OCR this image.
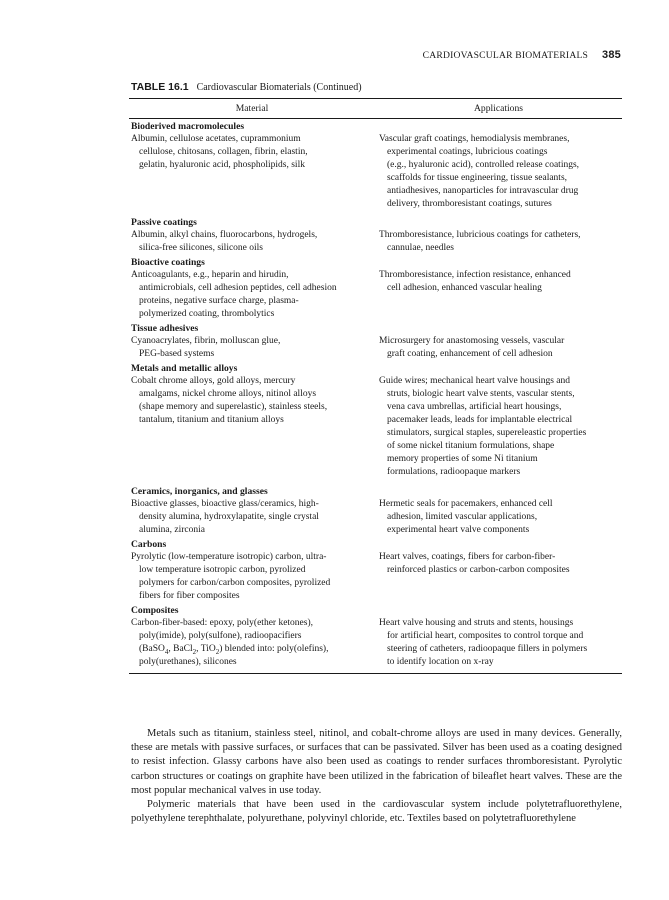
CARDIOVASCULAR BIOMATERIALS 385
TABLE 16.1 Cardiovascular Biomaterials (Continued)
Material	Applications
Bioderived macromolecules
Albumin, cellulose acetates, cuprammonium
cellulose, chitosans, collagen, fibrin, elastin,
gelatin, hyaluronic acid, phospholipids, silk
Vascular graft coatings, hemodialysis membranes,
experimental coatings, lubricious coatings
(e.g., hyaluronic acid), controlled release coatings,
scaffolds for tissue engineering, tissue sealants,
antiadhesives, nanoparticles for intravascular drug
delivery, thromboresistant coatings, sutures
Passive coatings
Albumin, alkyl chains, fluorocarbons, hydrogels,
silica-free silicones, silicone oils
Thromboresistance, lubricious coatings for catheters,
cannulae, needles
Bioactive coatings
Anticoagulants, e.g., heparin and hirudin,
antimicrobials, cell adhesion peptides, cell adhesion
proteins, negative surface charge, plasma-
polymerized coating, thrombolytics
Thromboresistance, infection resistance, enhanced
cell adhesion, enhanced vascular healing
Tissue adhesives
Cyanoacrylates, fibrin, molluscan glue,
PEG-based systems
Microsurgery for anastomosing vessels, vascular
graft coating, enhancement of cell adhesion
Metals and metallic alloys
Cobalt chrome alloys, gold alloys, mercury
amalgams, nickel chrome alloys, nitinol alloys
(shape memory and superelastic), stainless steels,
tantalum, titanium and titanium alloys
Guide wires; mechanical heart valve housings and
struts, biologic heart valve stents, vascular stents,
vena cava umbrellas, artificial heart housings,
pacemaker leads, leads for implantable electrical
stimulators, surgical staples, supereleastic properties
of some nickel titanium formulations, shape
memory properties of some Ni titanium
formulations, radioopaque markers
Ceramics, inorganics, and glasses
Bioactive glasses, bioactive glass/ceramics, high-
density alumina, hydroxylapatite, single crystal
alumina, zirconia
Hermetic seals for pacemakers, enhanced cell
adhesion, limited vascular applications,
experimental heart valve components
Carbons
Pyrolytic (low-temperature isotropic) carbon, ultra-
low temperature isotropic carbon, pyrolized
polymers for carbon/carbon composites, pyrolized
fibers for fiber composites
Heart valves, coatings, fibers for carbon-fiber-
reinforced plastics or carbon-carbon composites
Composites
Carbon-fiber-based: epoxy, poly(ether ketones),
poly(imide), poly(sulfone), radioopacifiers
(BaSO$_4$, BaCl$_2$, TiO$_2$) blended into: poly(olefins),
poly(urethanes), silicones
Heart valve housing and struts and stents, housings
for artificial heart, composites to control torque and
steering of catheters, radioopaque fillers in polymers
to identify location on x-ray

Metals such as titanium, stainless steel, nitinol, and cobalt-chrome alloys are used in many devices. Generally, these are metals with passive surfaces, or surfaces that can be passivated. Silver has been used as a coating designed to resist infection. Glassy carbons have also been used as coatings to render surfaces thromboresistant. Pyrolytic carbon structures or coatings on graphite have been utilized in the fabrication of bileaflet heart valves. These are the most popular mechanical valves in use today.

Polymeric materials that have been used in the cardiovascular system include polytetrafluorethylene, polyethylene terephthalate, polyurethane, polyvinyl chloride, etc. Textiles based on polytetrafluorethylene
